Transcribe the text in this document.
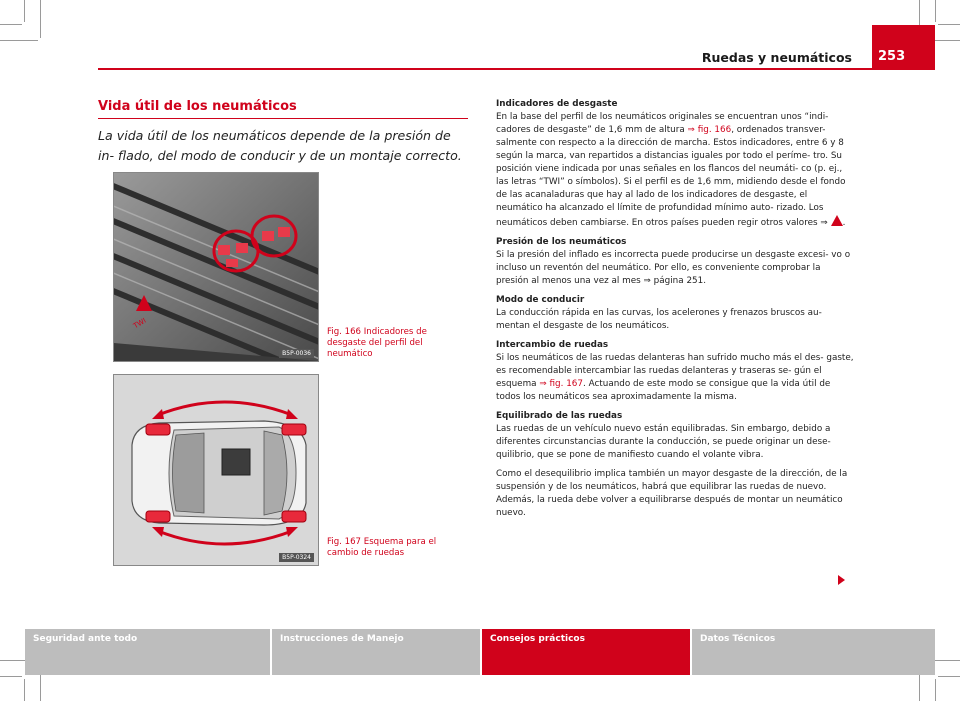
Ruedas y neumáticos	253
Vida útil de los neumáticos
La vida útil de los neumáticos depende de la presión de in- flado, del modo de conducir y de un montaje correcto.
TWI
B5P-0036
Fig. 166 Indicadores de desgaste del perfil del neumático
B5P-0324
Fig. 167 Esquema para el cambio de ruedas
Indicadores de desgaste

En la base del perfil de los neumáticos originales se encuentran unos “indi- cadores de desgaste” de 1,6 mm de altura ⇒ fig. 166, ordenados transver- salmente con respecto a la dirección de marcha. Estos indicadores, entre 6 y 8 según la marca, van repartidos a distancias iguales por todo el períme- tro. Su posición viene indicada por unas señales en los flancos del neumáti- co (p. ej., las letras “TWI” o símbolos). Si el perfil es de 1,6 mm, midiendo desde el fondo de las acanaladuras que hay al lado de los indicadores de desgaste, el neumático ha alcanzado el límite de profundidad mínimo auto- rizado. Los neumáticos deben cambiarse. En otros países pueden regir otros valores ⇒ .

Presión de los neumáticos

Si la presión del inflado es incorrecta puede producirse un desgaste excesi- vo o incluso un reventón del neumático. Por ello, es conveniente comprobar la presión al menos una vez al mes ⇒ página 251.

Modo de conducir

La conducción rápida en las curvas, los acelerones y frenazos bruscos au- mentan el desgaste de los neumáticos.

Intercambio de ruedas

Si los neumáticos de las ruedas delanteras han sufrido mucho más el des- gaste, es recomendable intercambiar las ruedas delanteras y traseras se- gún el esquema ⇒ fig. 167. Actuando de este modo se consigue que la vida útil de todos los neumáticos sea aproximadamente la misma.

Equilibrado de las ruedas

Las ruedas de un vehículo nuevo están equilibradas. Sin embargo, debido a diferentes circunstancias durante la conducción, se puede originar un dese- quilibrio, que se pone de manifiesto cuando el volante vibra.

Como el desequilibrio implica también un mayor desgaste de la dirección, de la suspensión y de los neumáticos, habrá que equilibrar las ruedas de nuevo. Además, la rueda debe volver a equilibrarse después de montar un neumático nuevo.

Seguridad ante todo	Instrucciones de Manejo	Consejos prácticos	Datos Técnicos
